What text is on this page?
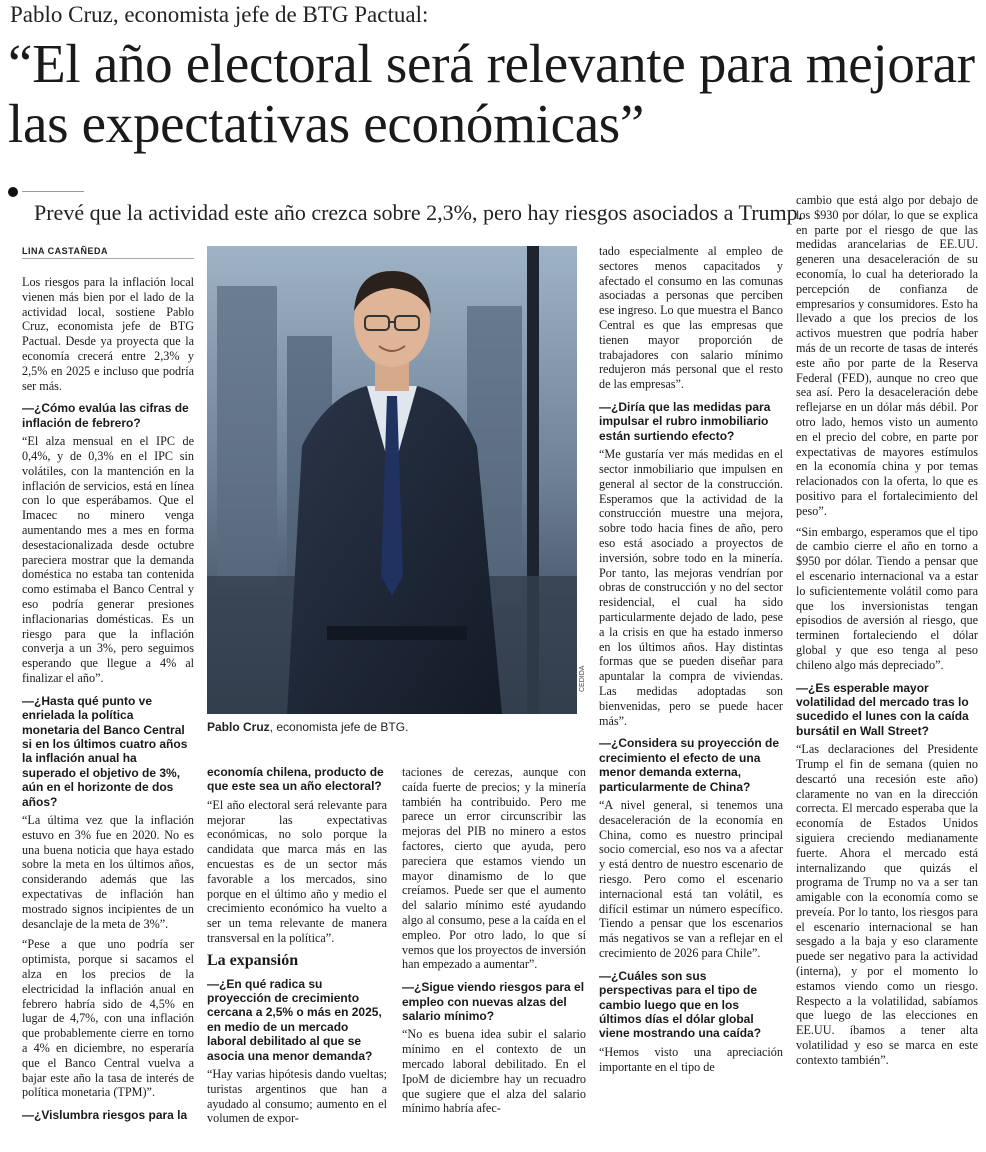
Pablo Cruz, economista jefe de BTG Pactual:
“El año electoral será relevante para mejorar las expectativas económicas”
Prevé que la actividad este año crezca sobre 2,3%, pero hay riesgos asociados a Trump.
LINA CASTAÑEDA

Los riesgos para la inflación local vienen más bien por el lado de la actividad local, sostiene Pablo Cruz, economista jefe de BTG Pactual. Desde ya proyecta que la economía crecerá entre 2,3% y 2,5% en 2025 e incluso que podría ser más.

—¿Cómo evalúa las cifras de inflación de febrero?

“El alza mensual en el IPC de 0,4%, y de 0,3% en el IPC sin volátiles, con la mantención en la inflación de servicios, está en línea con lo que esperábamos. Que el Imacec no minero venga aumentando mes a mes en forma desestacionalizada desde octubre pareciera mostrar que la demanda doméstica no estaba tan contenida como estimaba el Banco Central y eso podría generar presiones inflacionarias domésticas. Es un riesgo para que la inflación converja a un 3%, pero seguimos esperando que llegue a 4% al finalizar el año”.

—¿Hasta qué punto ve enrielada la política monetaria del Banco Central si en los últimos cuatro años la inflación anual ha superado el objetivo de 3%, aún en el horizonte de dos años?

“La última vez que la inflación estuvo en 3% fue en 2020. No es una buena noticia que haya estado sobre la meta en los últimos años, considerando además que las expectativas de inflación han mostrado signos incipientes de un desanclaje de la meta de 3%”.

“Pese a que uno podría ser optimista, porque si sacamos el alza en los precios de la electricidad la inflación anual en febrero habría sido de 4,5% en lugar de 4,7%, con una inflación que probablemente cierre en torno a 4% en diciembre, no esperaría que el Banco Central vuelva a bajar este año la tasa de interés de política monetaria (TPM)”.

—¿Vislumbra riesgos para la

CEDIDA
Pablo Cruz, economista jefe de BTG.

economía chilena, producto de que este sea un año electoral?

“El año electoral será relevante para mejorar las expectativas económicas, no solo porque la candidata que marca más en las encuestas es de un sector más favorable a los mercados, sino porque en el último año y medio el crecimiento económico ha vuelto a ser un tema relevante de manera transversal en la política”.

La expansión

—¿En qué radica su proyección de crecimiento cercana a 2,5% o más en 2025, en medio de un mercado laboral debilitado al que se asocia una menor demanda?

“Hay varias hipótesis dando vueltas; turistas argentinos que han a ayudado al consumo; aumento en el volumen de expor-

taciones de cerezas, aunque con caída fuerte de precios; y la minería también ha contribuido. Pero me parece un error circunscribir las mejoras del PIB no minero a estos factores, cierto que ayuda, pero pareciera que estamos viendo un mayor dinamismo de lo que creíamos. Puede ser que el aumento del salario mínimo esté ayudando algo al consumo, pese a la caída en el empleo. Por otro lado, lo que sí vemos que los proyectos de inversión han empezado a aumentar”.

—¿Sigue viendo riesgos para el empleo con nuevas alzas del salario mínimo?

“No es buena idea subir el salario mínimo en el contexto de un mercado laboral debilitado. En el IpoM de diciembre hay un recuadro que sugiere que el alza del salario mínimo habría afec-

tado especialmente al empleo de sectores menos capacitados y afectado el consumo en las comunas asociadas a personas que perciben ese ingreso. Lo que muestra el Banco Central es que las empresas que tienen mayor proporción de trabajadores con salario mínimo redujeron más personal que el resto de las empresas”.

—¿Diría que las medidas para impulsar el rubro inmobiliario están surtiendo efecto?

“Me gustaría ver más medidas en el sector inmobiliario que impulsen en general al sector de la construcción. Esperamos que la actividad de la construcción muestre una mejora, sobre todo hacia fines de año, pero eso está asociado a proyectos de inversión, sobre todo en la minería. Por tanto, las mejoras vendrían por obras de construcción y no del sector residencial, el cual ha sido particularmente dejado de lado, pese a la crisis en que ha estado inmerso en los últimos años. Hay distintas formas que se pueden diseñar para apuntalar la compra de viviendas. Las medidas adoptadas son bienvenidas, pero se puede hacer más”.

—¿Considera su proyección de crecimiento el efecto de una menor demanda externa, particularmente de China?

“A nivel general, si tenemos una desaceleración de la economía en China, como es nuestro principal socio comercial, eso nos va a afectar y está dentro de nuestro escenario de riesgo. Pero como el escenario internacional está tan volátil, es difícil estimar un número específico. Tiendo a pensar que los escenarios más negativos se van a reflejar en el crecimiento de 2026 para Chile”.

—¿Cuáles son sus perspectivas para el tipo de cambio luego que en los últimos días el dólar global viene mostrando una caída?

“Hemos visto una apreciación importante en el tipo de

cambio que está algo por debajo de los $930 por dólar, lo que se explica en parte por el riesgo de que las medidas arancelarias de EE.UU. generen una desaceleración de su economía, lo cual ha deteriorado la percepción de confianza de empresarios y consumidores. Esto ha llevado a que los precios de los activos muestren que podría haber más de un recorte de tasas de interés este año por parte de la Reserva Federal (FED), aunque no creo que sea así. Pero la desaceleración debe reflejarse en un dólar más débil. Por otro lado, hemos visto un aumento en el precio del cobre, en parte por expectativas de mayores estímulos en la economía china y por temas relacionados con la oferta, lo que es positivo para el fortalecimiento del peso”.

“Sin embargo, esperamos que el tipo de cambio cierre el año en torno a $950 por dólar. Tiendo a pensar que el escenario internacional va a estar lo suficientemente volátil como para que los inversionistas tengan episodios de aversión al riesgo, que terminen fortaleciendo el dólar global y que eso tenga al peso chileno algo más depreciado”.

—¿Es esperable mayor volatilidad del mercado tras lo sucedido el lunes con la caída bursátil en Wall Street?

“Las declaraciones del Presidente Trump el fin de semana (quien no descartó una recesión este año) claramente no van en la dirección correcta. El mercado esperaba que la economía de Estados Unidos siguiera creciendo medianamente fuerte. Ahora el mercado está internalizando que quizás el programa de Trump no va a ser tan amigable con la economía como se preveía. Por lo tanto, los riesgos para el escenario internacional se han sesgado a la baja y eso claramente puede ser negativo para la actividad (interna), y por el momento lo estamos viendo como un riesgo. Respecto a la volatilidad, sabíamos que luego de las elecciones en EE.UU. íbamos a tener alta volatilidad y eso se marca en este contexto también”.
